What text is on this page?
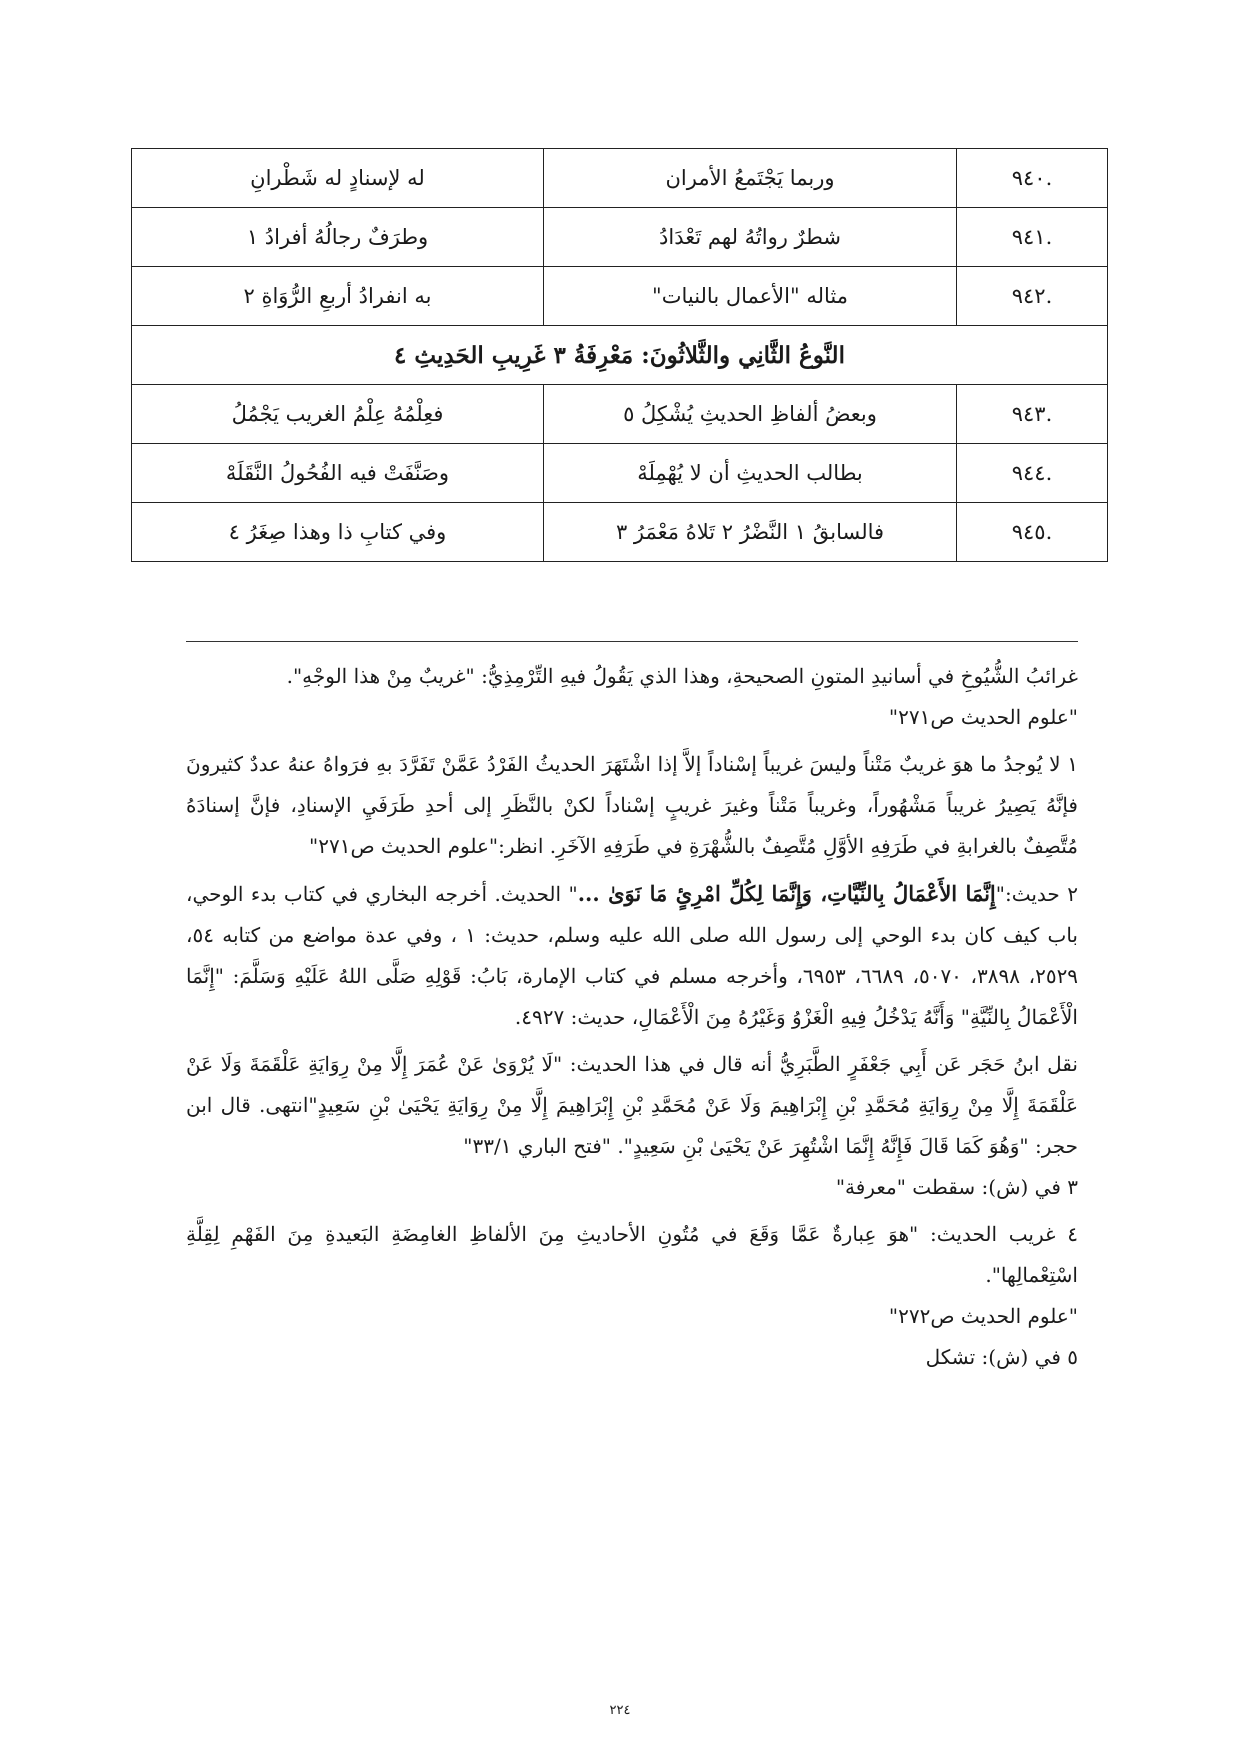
.٩٤٠	وربما يَجْتَمعُ الأمران	له لإسنادٍ له شَطْرانِ
.٩٤١	شطرٌ رواتُهُ لهم تَعْدَادُ	وطرَفٌ رجالُهُ أفرادُ ١
.٩٤٢	مثاله "الأعمال بالنيات"	به انفرادُ أربعِ الرُّوَاةِ ٢
النَّوعُ الثَّانِي والثَّلاثُونَ: مَعْرِفَةُ ٣ غَرِيبِ الحَدِيثِ ٤		
.٩٤٣	وبعضُ ألفاظِ الحديثِ يُشْكِلُ ٥	فعِلْمُهُ عِلْمُ الغريب يَجْمُلُ
.٩٤٤	بطالب الحديثِ أن لا يُهْمِلَهْ	وصَنَّفَتْ فيه الفُحُولُ النَّقَلَهْ
.٩٤٥	فالسابقُ ١ النَّضْرُ ٢ تَلاهُ مَعْمَرُ ٣	وفي كتابِ ذا وهذا صِغَرُ ٤

غرائبُ الشُّيُوخِ في أسانيدِ المتونِ الصحيحةِ، وهذا الذي يَقُولُ فيهِ التِّرْمِذِيُّ: "غريبٌ مِنْ هذا الوجْهِ".

"علوم الحديث ص٢٧١"

١ لا يُوجدُ ما هوَ غريبٌ مَتْناً وليسَ غريباً إسْناداً إلاَّ إذا اشْتَهَرَ الحديثُ الفَرْدُ عَمَّنْ تَفَرَّدَ بهِ فرَواهُ عنهُ عددٌ كثيرونَ فإنَّهُ يَصِيرُ غريباً مَشْهُوراً، وغريباً مَتْناً وغيرَ غريبٍ إسْناداً لكنْ بالنَّظَرِ إلى أحدِ طَرَفَيِ الإسنادِ، فإنَّ إسنادَهُ مُتَّصِفٌ بالغرابةِ في طَرَفِهِ الأوَّلِ مُتَّصِفٌ بالشُّهْرَةِ في طَرَفِهِ الآخَرِ. انظر:"علوم الحديث ص٢٧١"

٢ حديث:"إِنَّمَا الأَعْمَالُ بِالنِّيَّاتِ، وَإِنَّمَا لِكُلِّ امْرِئٍ مَا نَوَىٰ ..." الحديث. أخرجه البخاري في كتاب بدء الوحي، باب كيف كان بدء الوحي إلى رسول الله صلى الله عليه وسلم، حديث: ١ ، وفي عدة مواضع من كتابه ٥٤، ٢٥٢٩، ٣٨٩٨، ٥٠٧٠، ٦٦٨٩، ٦٩٥٣، وأخرجه مسلم في كتاب الإمارة، بَابُ: قَوْلِهِ صَلَّى اللهُ عَلَيْهِ وَسَلَّمَ: "إِنَّمَا الْأَعْمَالُ بِالنِّيَّةِ" وَأَنَّهُ يَدْخُلُ فِيهِ الْغَزْوُ وَغَيْرُهُ مِنَ الْأَعْمَالِ، حديث: ٤٩٢٧.

نقل ابنُ حَجَر عَن أَبِي جَعْفَرٍ الطَّبَرِيُّ أنه قال في هذا الحديث: "لَا يُرْوَىٰ عَنْ عُمَرَ إِلَّا مِنْ رِوَايَةِ عَلْقَمَةَ وَلَا عَنْ عَلْقَمَةَ إِلَّا مِنْ رِوَايَةِ مُحَمَّدِ بْنِ إِبْرَاهِيمَ وَلَا عَنْ مُحَمَّدِ بْنِ إِبْرَاهِيمَ إِلَّا مِنْ رِوَايَةِ يَحْيَىٰ بْنِ سَعِيدٍ"انتهى. قال ابن حجر: "وَهُوَ كَمَا قَالَ فَإِنَّهُ إِنَّمَا اشْتُهِرَ عَنْ يَحْيَىٰ بْنِ سَعِيدٍ". "فتح الباري ٣٣/١"

٣ في (ش): سقطت "معرفة"

٤ غريب الحديث: "هوَ عِبارةٌ عَمَّا وَقَعَ في مُتُونِ الأحاديثِ مِنَ الألفاظِ الغامِضَةِ البَعيدةِ مِنَ الفَهْمِ لِقِلَّةِ اسْتِعْمالِها".

"علوم الحديث ص٢٧٢"

٥ في (ش): تشكل

٢٢٤
